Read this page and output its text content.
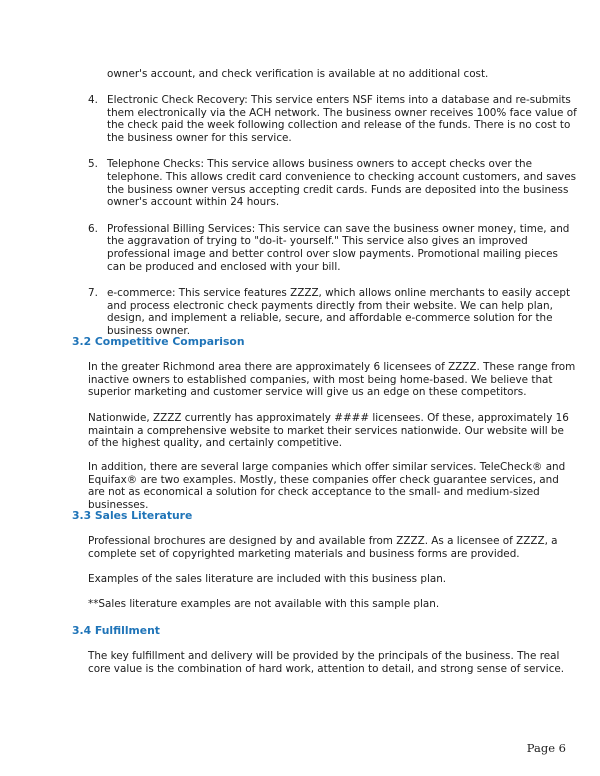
owner's account, and check verification is available at no additional cost.

4. Electronic Check Recovery: This service enters NSF items into a database and re-submits them electronically via the ACH network. The business owner receives 100% face value of the check paid the week following collection and release of the funds. There is no cost to the business owner for this service.
5. Telephone Checks: This service allows business owners to accept checks over the telephone. This allows credit card convenience to checking account customers, and saves the business owner versus accepting credit cards. Funds are deposited into the business owner's account within 24 hours.
6. Professional Billing Services: This service can save the business owner money, time, and the aggravation of trying to "do-it- yourself." This service also gives an improved professional image and better control over slow payments. Promotional mailing pieces can be produced and enclosed with your bill.
7. e-commerce: This service features ZZZZ, which allows online merchants to easily accept and process electronic check payments directly from their website. We can help plan, design, and implement a reliable, secure, and affordable e-commerce solution for the business owner.
3.2 Competitive Comparison

In the greater Richmond area there are approximately 6 licensees of ZZZZ. These range from inactive owners to established companies, with most being home-based. We believe that superior marketing and customer service will give us an edge on these competitors.

Nationwide, ZZZZ currently has approximately #### licensees. Of these, approximately 16 maintain a comprehensive website to market their services nationwide. Our website will be of the highest quality, and certainly competitive.

In addition, there are several large companies which offer similar services. TeleCheck® and Equifax® are two examples. Mostly, these companies offer check guarantee services, and are not as economical a solution for check acceptance to the small- and medium-sized businesses.

3.3 Sales Literature

Professional brochures are designed by and available from ZZZZ. As a licensee of ZZZZ, a complete set of copyrighted marketing materials and business forms are provided.

Examples of the sales literature are included with this business plan.

**Sales literature examples are not available with this sample plan.

3.4 Fulfillment

The key fulfillment and delivery will be provided by the principals of the business. The real core value is the combination of hard work, attention to detail, and strong sense of service.

Page 6
